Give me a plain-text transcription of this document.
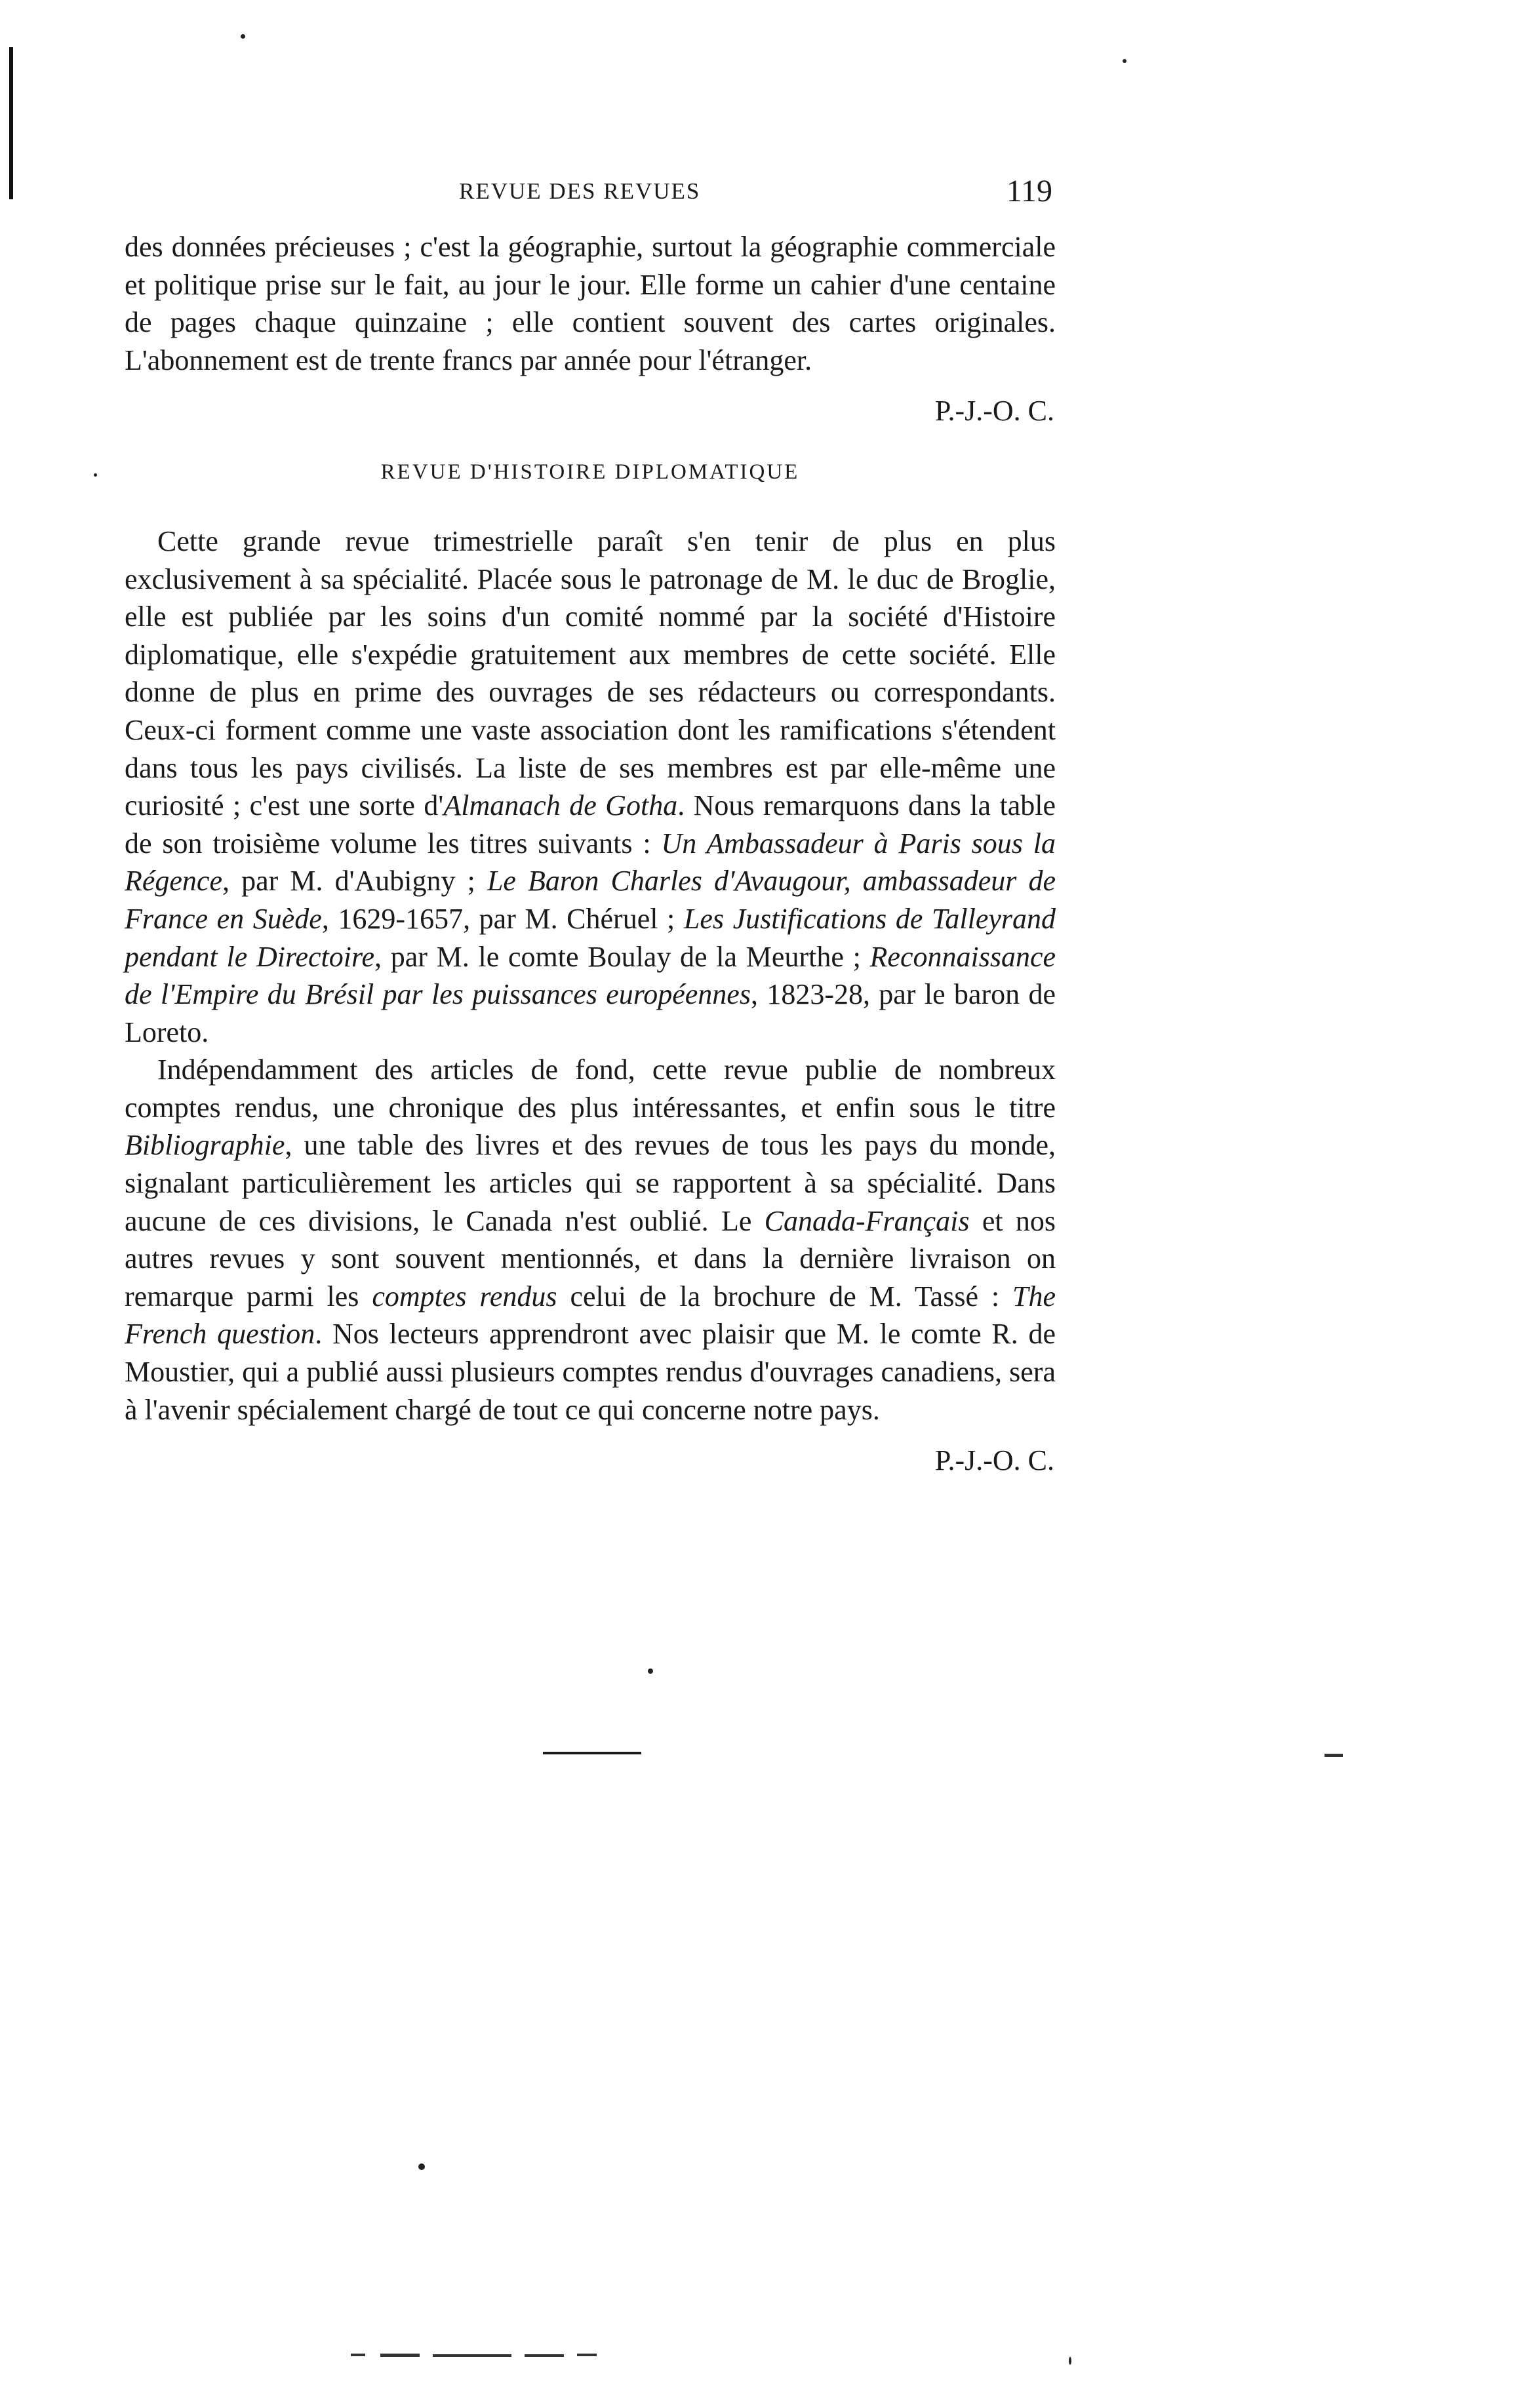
REVUE DES REVUES	119

des données précieuses ; c'est la géographie, surtout la géographie commerciale et politique prise sur le fait, au jour le jour. Elle forme un cahier d'une centaine de pages chaque quinzaine ; elle contient souvent des cartes originales. L'abonnement est de trente francs par année pour l'étranger.

P.-J.-O. C.
REVUE D'HISTOIRE DIPLOMATIQUE

Cette grande revue trimestrielle paraît s'en tenir de plus en plus exclusivement à sa spécialité. Placée sous le patronage de M. le duc de Broglie, elle est publiée par les soins d'un comité nommé par la société d'Histoire diplomatique, elle s'expédie gratuitement aux membres de cette société. Elle donne de plus en prime des ouvrages de ses rédacteurs ou correspondants. Ceux-ci forment comme une vaste association dont les ramifications s'étendent dans tous les pays civilisés. La liste de ses membres est par elle-même une curiosité ; c'est une sorte d'Almanach de Gotha. Nous remarquons dans la table de son troisième volume les titres suivants : Un Ambassadeur à Paris sous la Régence, par M. d'Aubigny ; Le Baron Charles d'Avaugour, ambassadeur de France en Suède, 1629-1657, par M. Chéruel ; Les Justifications de Talleyrand pendant le Directoire, par M. le comte Boulay de la Meurthe ; Reconnaissance de l'Empire du Brésil par les puissances européennes, 1823-28, par le baron de Loreto.

Indépendamment des articles de fond, cette revue publie de nombreux comptes rendus, une chronique des plus intéressantes, et enfin sous le titre Bibliographie, une table des livres et des revues de tous les pays du monde, signalant particulièrement les articles qui se rapportent à sa spécialité. Dans aucune de ces divisions, le Canada n'est oublié. Le Canada-Français et nos autres revues y sont souvent mentionnés, et dans la dernière livraison on remarque parmi les comptes rendus celui de la brochure de M. Tassé : The French question. Nos lecteurs apprendront avec plaisir que M. le comte R. de Moustier, qui a publié aussi plusieurs comptes rendus d'ouvrages canadiens, sera à l'avenir spécialement chargé de tout ce qui concerne notre pays.

P.-J.-O. C.
